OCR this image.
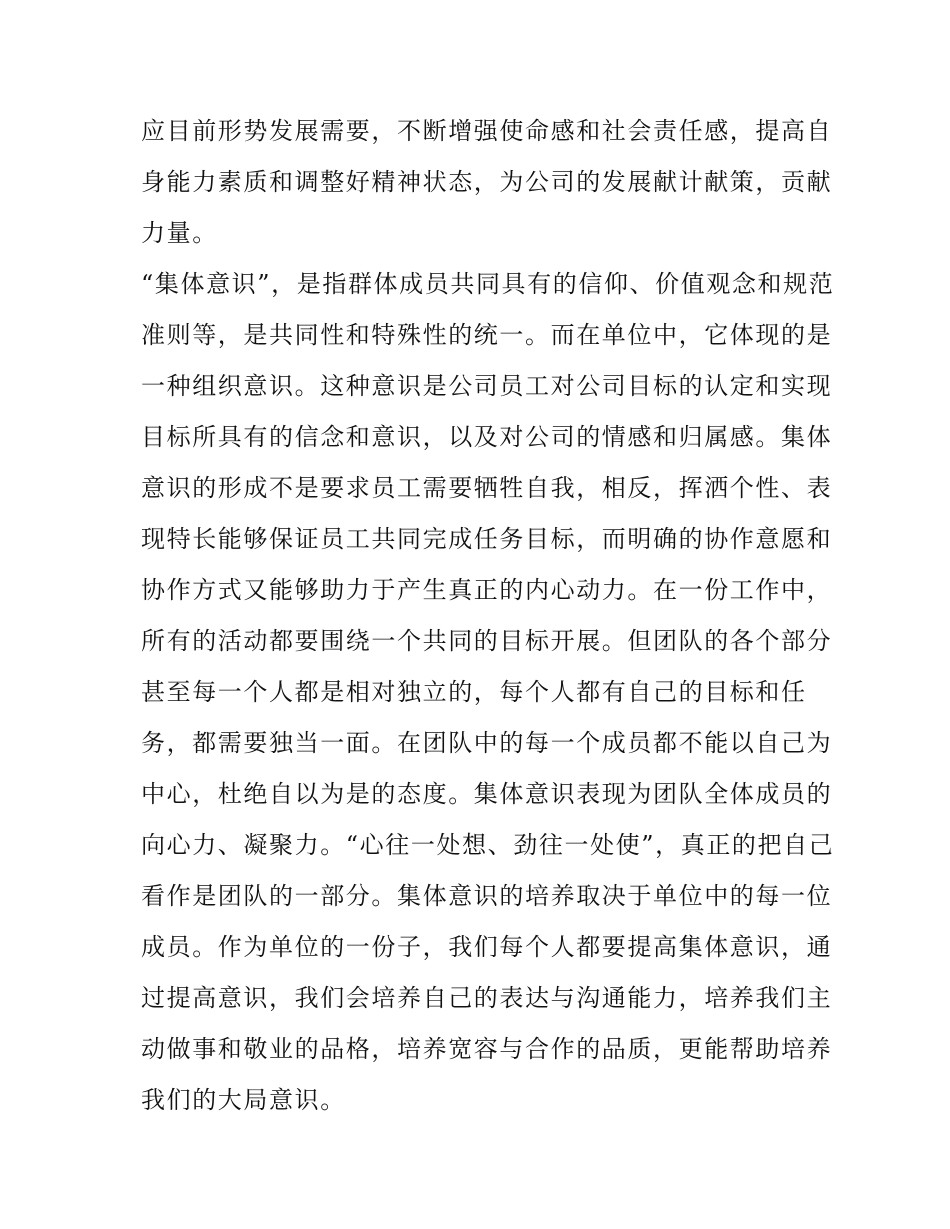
应目前形势发展需要，不断增强使命感和社会责任感，提高自
身能力素质和调整好精神状态，为公司的发展献计献策，贡献
力量。
“集体意识”，是指群体成员共同具有的信仰、价值观念和规范
准则等，是共同性和特殊性的统一。而在单位中，它体现的是
一种组织意识。这种意识是公司员工对公司目标的认定和实现
目标所具有的信念和意识，以及对公司的情感和归属感。集体
意识的形成不是要求员工需要牺牲自我，相反，挥洒个性、表
现特长能够保证员工共同完成任务目标，而明确的协作意愿和
协作方式又能够助力于产生真正的内心动力。在一份工作中，
所有的活动都要围绕一个共同的目标开展。但团队的各个部分
甚至每一个人都是相对独立的，每个人都有自己的目标和任
务，都需要独当一面。在团队中的每一个成员都不能以自己为
中心，杜绝自以为是的态度。集体意识表现为团队全体成员的
向心力、凝聚力。“心往一处想、劲往一处使”，真正的把自己
看作是团队的一部分。集体意识的培养取决于单位中的每一位
成员。作为单位的一份子，我们每个人都要提高集体意识，通
过提高意识，我们会培养自己的表达与沟通能力，培养我们主
动做事和敬业的品格，培养宽容与合作的品质，更能帮助培养
我们的大局意识。
